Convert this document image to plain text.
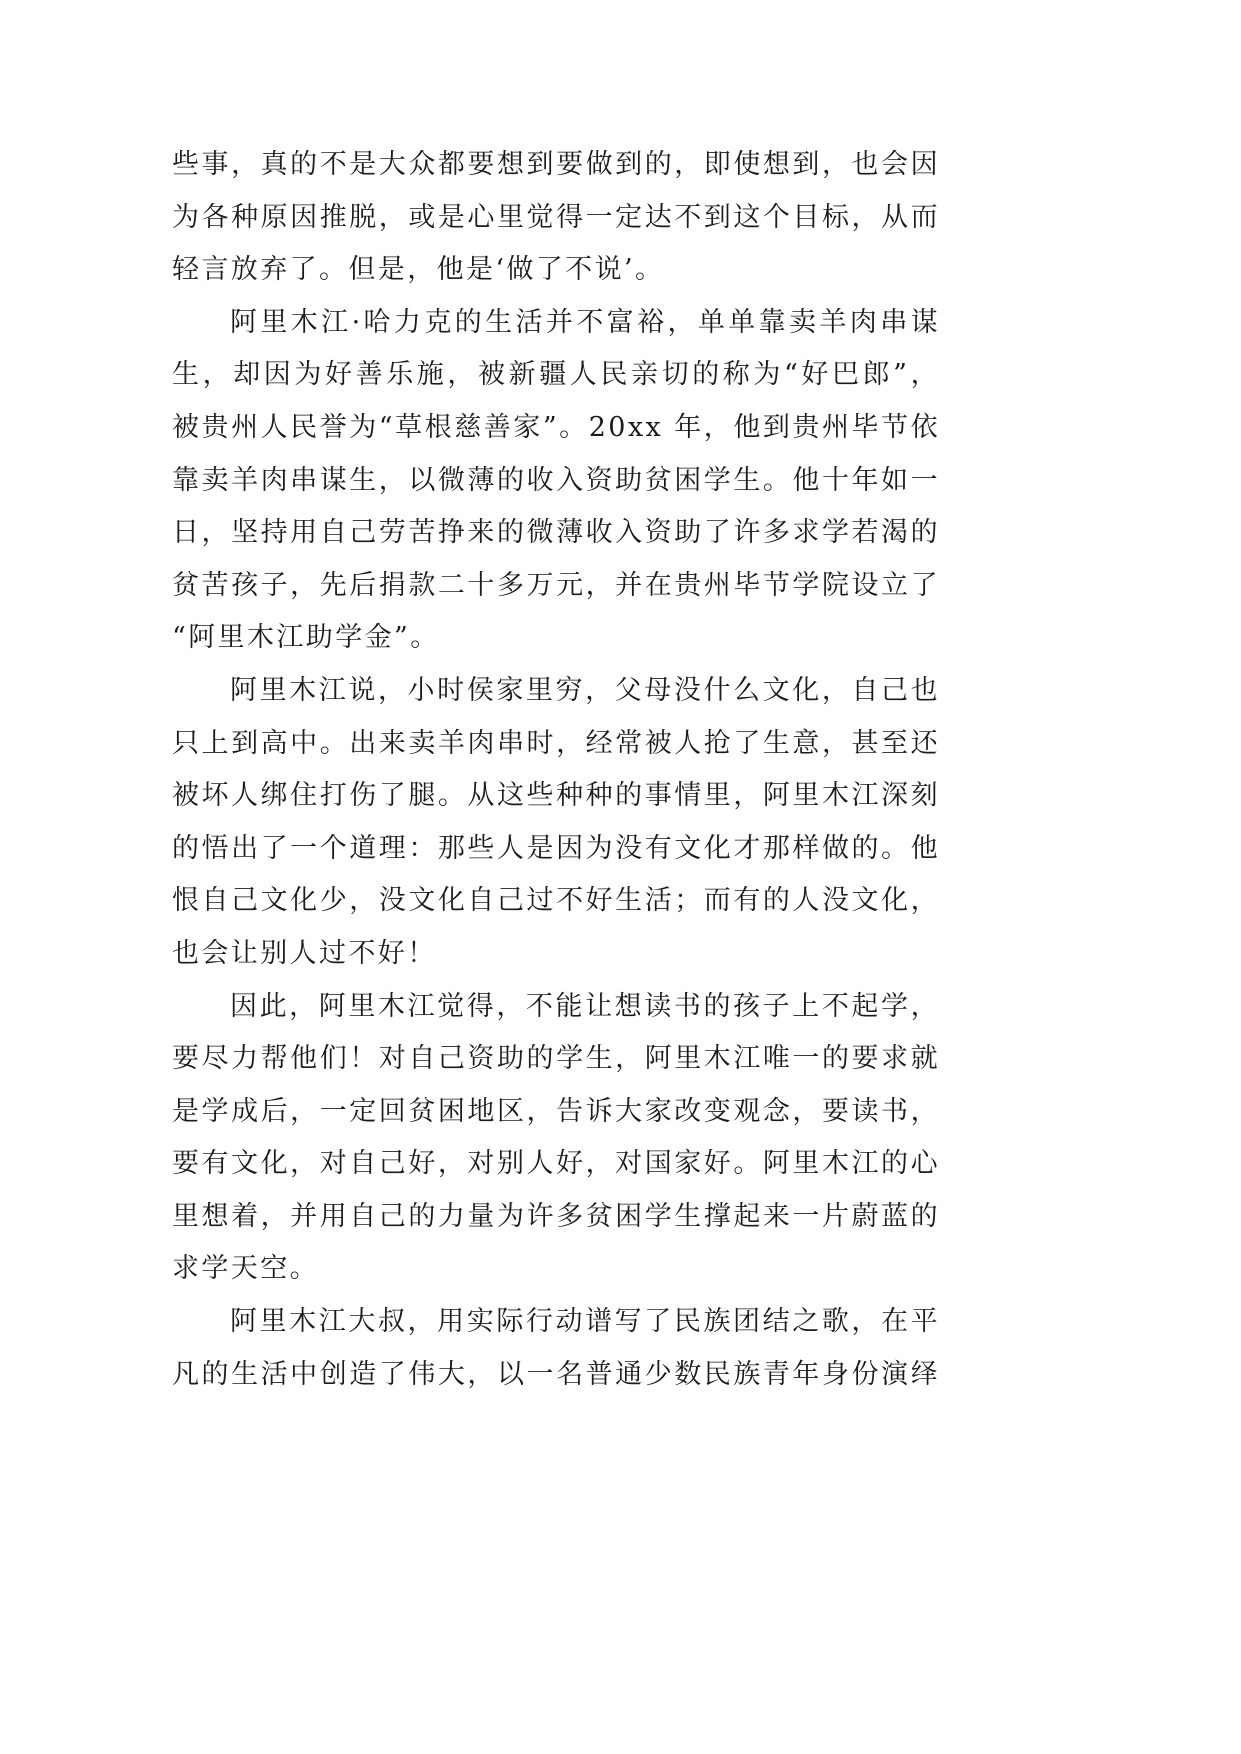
些事，真的不是大众都要想到要做到的，即使想到，也会因
为各种原因推脱，或是心里觉得一定达不到这个目标，从而
轻言放弃了。但是，他是‘做了不说’。
阿里木江·哈力克的生活并不富裕，单单靠卖羊肉串谋
生，却因为好善乐施，被新疆人民亲切的称为“好巴郎”，
被贵州人民誉为“草根慈善家”。20xx 年，他到贵州毕节依
靠卖羊肉串谋生，以微薄的收入资助贫困学生。他十年如一
日，坚持用自己劳苦挣来的微薄收入资助了许多求学若渴的
贫苦孩子，先后捐款二十多万元，并在贵州毕节学院设立了
“阿里木江助学金”。
阿里木江说，小时侯家里穷，父母没什么文化，自己也
只上到高中。出来卖羊肉串时，经常被人抢了生意，甚至还
被坏人绑住打伤了腿。从这些种种的事情里，阿里木江深刻
的悟出了一个道理：那些人是因为没有文化才那样做的。他
恨自己文化少，没文化自己过不好生活；而有的人没文化，
也会让别人过不好！
因此，阿里木江觉得，不能让想读书的孩子上不起学，
要尽力帮他们！对自己资助的学生，阿里木江唯一的要求就
是学成后，一定回贫困地区，告诉大家改变观念，要读书，
要有文化，对自己好，对别人好，对国家好。阿里木江的心
里想着，并用自己的力量为许多贫困学生撑起来一片蔚蓝的
求学天空。
阿里木江大叔，用实际行动谱写了民族团结之歌，在平
凡的生活中创造了伟大，以一名普通少数民族青年身份演绎
